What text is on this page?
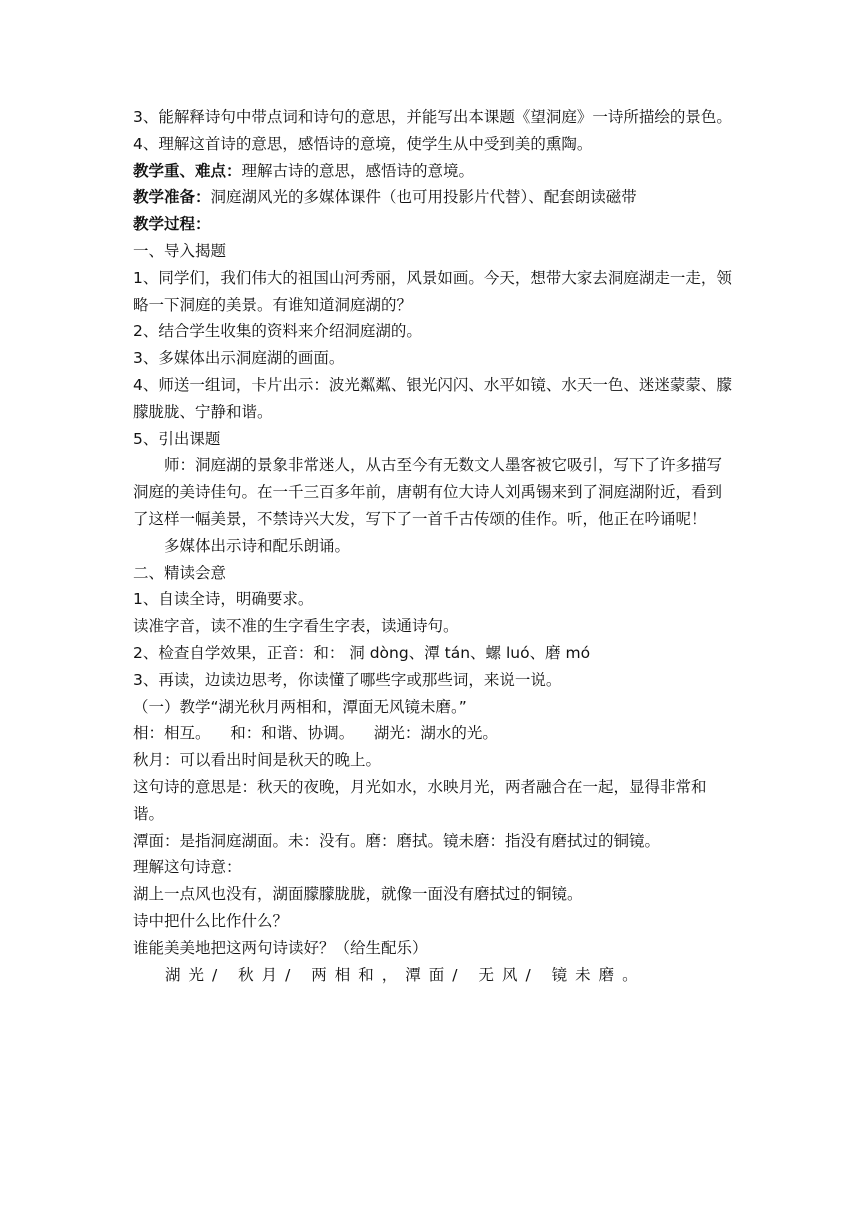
3、能解释诗句中带点词和诗句的意思，并能写出本课题《望洞庭》一诗所描绘的景色。

4、理解这首诗的意思，感悟诗的意境，使学生从中受到美的熏陶。

教学重、难点：理解古诗的意思，感悟诗的意境。

教学准备：洞庭湖风光的多媒体课件（也可用投影片代替）、配套朗读磁带

教学过程：

一、导入揭题

1、同学们，我们伟大的祖国山河秀丽，风景如画。今天，想带大家去洞庭湖走一走，领略一下洞庭的美景。有谁知道洞庭湖的？

2、结合学生收集的资料来介绍洞庭湖的。

3、多媒体出示洞庭湖的画面。

4、师送一组词，卡片出示：波光粼粼、银光闪闪、水平如镜、水天一色、迷迷蒙蒙、朦朦胧胧、宁静和谐。

5、引出课题

师：洞庭湖的景象非常迷人，从古至今有无数文人墨客被它吸引，写下了许多描写洞庭的美诗佳句。在一千三百多年前，唐朝有位大诗人刘禹锡来到了洞庭湖附近，看到了这样一幅美景，不禁诗兴大发，写下了一首千古传颂的佳作。听，他正在吟诵呢！

多媒体出示诗和配乐朗诵。

二、精读会意

1、自读全诗，明确要求。

读准字音，读不准的生字看生字表，读通诗句。

2、检查自学效果，正音：和： 洞 dòng、潭 tán、螺 luó、磨 mó

3、再读，边读边思考，你读懂了哪些字或那些词，来说一说。

（一）教学“湖光秋月两相和，潭面无风镜未磨。”

相：相互。    和：和谐、协调。    湖光：湖水的光。

秋月：可以看出时间是秋天的晚上。

这句诗的意思是：秋天的夜晚，月光如水，水映月光，两者融合在一起，显得非常和谐。

潭面：是指洞庭湖面。未：没有。磨：磨拭。镜未磨：指没有磨拭过的铜镜。

理解这句诗意：

湖上一点风也没有，湖面朦朦胧胧，就像一面没有磨拭过的铜镜。

诗中把什么比作什么？

谁能美美地把这两句诗读好？（给生配乐）

湖光/ 秋月/ 两相和，潭面/ 无风/ 镜未磨。
